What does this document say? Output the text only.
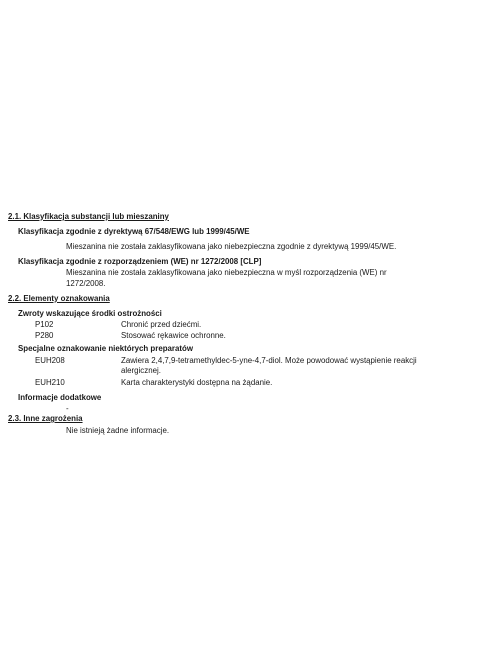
2.1. Klasyfikacja substancji lub mieszaniny
Klasyfikacja zgodnie z dyrektywą 67/548/EWG lub 1999/45/WE
Mieszanina nie została zaklasyfikowana jako niebezpieczna zgodnie z dyrektywą 1999/45/WE.
Klasyfikacja zgodnie z rozporządzeniem (WE) nr 1272/2008 [CLP]
Mieszanina nie została zaklasyfikowana jako niebezpieczna w myśl rozporządzenia (WE) nr
1272/2008.
2.2. Elementy oznakowania
Zwroty wskazujące środki ostrożności
P102	Chronić przed dziećmi.
P280	Stosować rękawice ochronne.
Specjalne oznakowanie niektórych preparatów
EUH208	Zawiera 2,4,7,9-tetramethyldec-5-yne-4,7-diol. Może powodować wystąpienie reakcji
alergicznej.
EUH210	Karta charakterystyki dostępna na żądanie.
Informacje dodatkowe
-
2.3. Inne zagrożenia
Nie istnieją żadne informacje.
